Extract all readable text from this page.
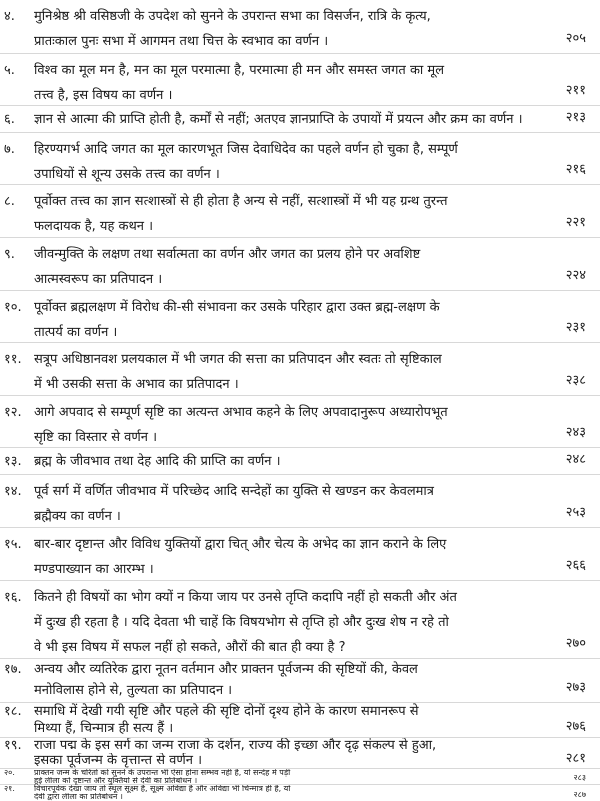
४. मुनिश्रेष्ठ श्री वसिष्ठजी के उपदेश को सुनने के उपरान्त सभा का विसर्जन, रात्रि के कृत्य,
प्रातःकाल पुनः सभा में आगमन तथा चित्त के स्वभाव का वर्णन ।	२०५
५. विश्व का मूल मन है, मन का मूल परमात्मा है, परमात्मा ही मन और समस्त जगत का मूल
तत्त्व है, इस विषय का वर्णन ।	२११
६. ज्ञान से आत्मा की प्राप्ति होती है, कर्मों से नहीं; अतएव ज्ञानप्राप्ति के उपायों में प्रयत्न और क्रम का वर्णन ।	२१३
७. हिरण्यगर्भ आदि जगत का मूल कारणभूत जिस देवाधिदेव का पहले वर्णन हो चुका है, सम्पूर्ण
उपाधियों से शून्य उसके तत्त्व का वर्णन ।	२१६
८. पूर्वोक्त तत्त्व का ज्ञान सत्शास्त्रों से ही होता है अन्य से नहीं, सत्शास्त्रों में भी यह ग्रन्थ तुरन्त
फलदायक है, यह कथन ।	२२१
९. जीवन्मुक्ति के लक्षण तथा सर्वात्मता का वर्णन और जगत का प्रलय होने पर अवशिष्ट
आत्मस्वरूप का प्रतिपादन ।	२२४
१०. पूर्वोक्त ब्रह्मलक्षण में विरोध की-सी संभावना कर उसके परिहार द्वारा उक्त ब्रह्म-लक्षण के
तात्पर्य का वर्णन ।	२३१
११. सत्रूप अधिष्ठानवश प्रलयकाल में भी जगत की सत्ता का प्रतिपादन और स्वतः तो सृष्टिकाल
में भी उसकी सत्ता के अभाव का प्रतिपादन ।	२३८
१२. आगे अपवाद से सम्पूर्ण सृष्टि का अत्यन्त अभाव कहने के लिए अपवादानुरूप अध्यारोपभूत
सृष्टि का विस्तार से वर्णन ।	२४३
१३. ब्रह्म के जीवभाव तथा देह आदि की प्राप्ति का वर्णन ।	२४८
१४. पूर्व सर्ग में वर्णित जीवभाव में परिच्छेद आदि सन्देहों का युक्ति से खण्डन कर केवलमात्र
ब्रह्मैक्य का वर्णन ।	२५३
१५. बार-बार दृष्टान्त और विविध युक्तियों द्वारा चित् और चेत्य के अभेद का ज्ञान कराने के लिए
मण्डपाख्यान का आरम्भ ।	२६६
१६. कितने ही विषयों का भोग क्यों न किया जाय पर उनसे तृप्ति कदापि नहीं हो सकती और अंत
में दुःख ही रहता है । यदि देवता भी चाहें कि विषयभोग से तृप्ति हो और दुःख शेष न रहे तो
वे भी इस विषय में सफल नहीं हो सकते, औरों की बात ही क्या है ?	२७०
१७. अन्वय और व्यतिरेक द्वारा नूतन वर्तमान और प्राक्तन पूर्वजन्म की सृष्टियों की, केवल
मनोविलास होने से, तुल्यता का प्रतिपादन ।	२७३
१८. समाधि में देखी गयी सृष्टि और पहले की सृष्टि दोनों दृश्य होने के कारण समानरूप से
मिथ्या हैं, चिन्मात्र ही सत्य हैं ।	२७६
१९. राजा पद्म के इस सर्ग का जन्म राजा के दर्शन, राज्य की इच्छा और दृढ़ संकल्प से हुआ,
इसका पूर्वजन्म के वृत्तान्त से वर्णन ।	२८१
२०. प्राक्तन जन्म के चरितों को सुनने के उपरान्त भी ऐसा होना सम्भव नहीं है, यों सन्देह में पड़ी
हुई लीला को दृष्टान्त और युक्तियों से देवी का प्रतिबोधन ।	२८३
२१. विचारपूर्वक देखा जाय तो स्थूल सूक्ष्म है, सूक्ष्म अविद्या है और अविद्या भी चिन्मात्र ही है, यों
देवी द्वारा लीला का प्रतिबोधन ।	२८७
